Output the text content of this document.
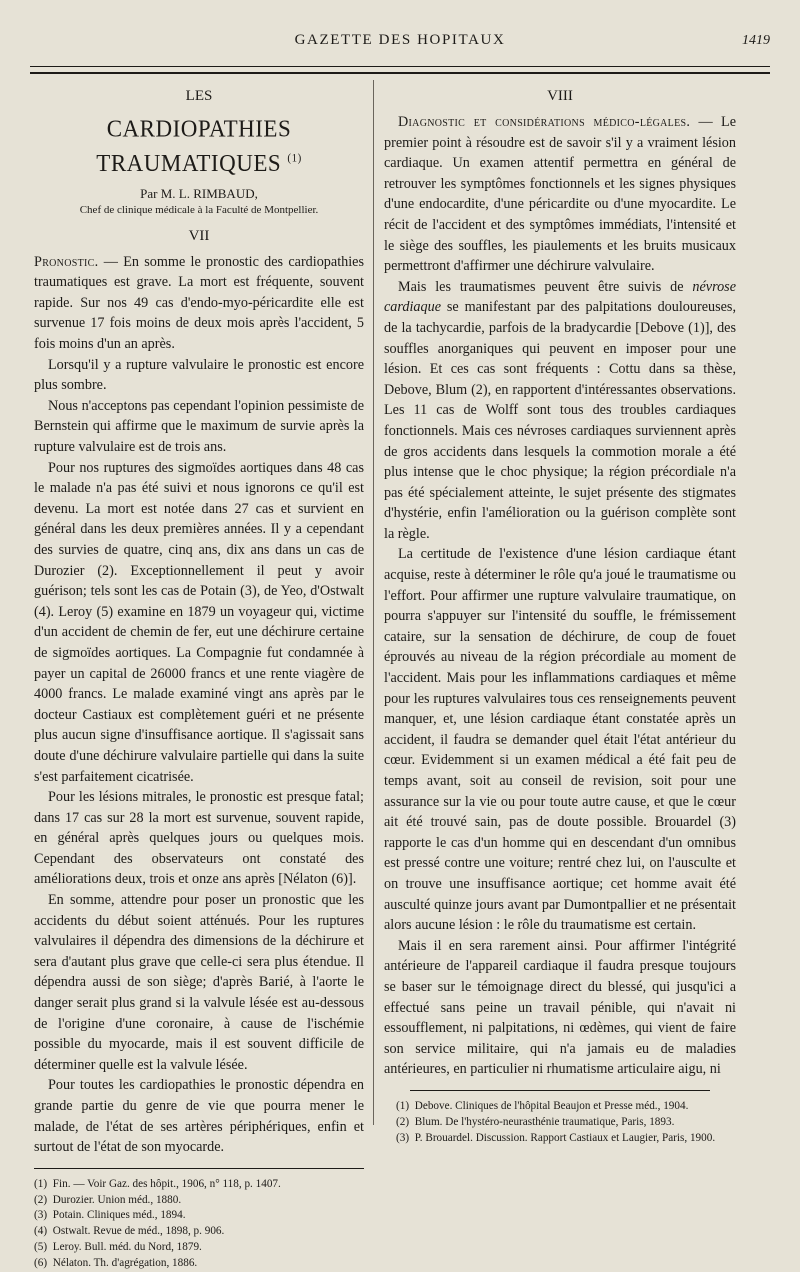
GAZETTE DES HOPITAUX	1419
LES
CARDIOPATHIES TRAUMATIQUES $^{(1)}$

Par M. L. RIMBAUD,

Chef de clinique médicale à la Faculté de Montpellier.

VII

Pronostic. — En somme le pronostic des cardiopathies traumatiques est grave. La mort est fréquente, souvent rapide. Sur nos 49 cas d'endo-myo-péricardite elle est survenue 17 fois moins de deux mois après l'accident, 5 fois moins d'un an après.

Lorsqu'il y a rupture valvulaire le pronostic est encore plus sombre.

Nous n'acceptons pas cependant l'opinion pessimiste de Bernstein qui affirme que le maximum de survie après la rupture valvulaire est de trois ans.

Pour nos ruptures des sigmoïdes aortiques dans 48 cas le malade n'a pas été suivi et nous ignorons ce qu'il est devenu. La mort est notée dans 27 cas et survient en général dans les deux premières années. Il y a cependant des survies de quatre, cinq ans, dix ans dans un cas de Durozier (2). Exceptionnellement il peut y avoir guérison; tels sont les cas de Potain (3), de Yeo, d'Ostwalt (4). Leroy (5) examine en 1879 un voyageur qui, victime d'un accident de chemin de fer, eut une déchirure certaine de sigmoïdes aortiques. La Compagnie fut condamnée à payer un capital de 26000 francs et une rente viagère de 4000 francs. Le malade examiné vingt ans après par le docteur Castiaux est complètement guéri et ne présente plus aucun signe d'insuffisance aortique. Il s'agissait sans doute d'une déchirure valvulaire partielle qui dans la suite s'est parfaitement cicatrisée.

Pour les lésions mitrales, le pronostic est presque fatal; dans 17 cas sur 28 la mort est survenue, souvent rapide, en général après quelques jours ou quelques mois. Cependant des observateurs ont constaté des améliorations deux, trois et onze ans après [Nélaton (6)].

En somme, attendre pour poser un pronostic que les accidents du début soient atténués. Pour les ruptures valvulaires il dépendra des dimensions de la déchirure et sera d'autant plus grave que celle-ci sera plus étendue. Il dépendra aussi de son siège; d'après Barié, à l'aorte le danger serait plus grand si la valvule lésée est au-dessous de l'origine d'une coronaire, à cause de l'ischémie possible du myocarde, mais il est souvent difficile de déterminer quelle est la valvule lésée.

Pour toutes les cardiopathies le pronostic dépendra en grande partie du genre de vie que pourra mener le malade, de l'état de ses artères périphériques, enfin et surtout de l'état de son myocarde.

(1) Fin. — Voir Gaz. des hôpit., 1906, n° 118, p. 1407.

(2) Durozier. Union méd., 1880.

(3) Potain. Cliniques méd., 1894.

(4) Ostwalt. Revue de méd., 1898, p. 906.

(5) Leroy. Bull. méd. du Nord, 1879.

(6) Nélaton. Th. d'agrégation, 1886.

VIII

Diagnostic et considérations médico-légales. — Le premier point à résoudre est de savoir s'il y a vraiment lésion cardiaque. Un examen attentif permettra en général de retrouver les symptômes fonctionnels et les signes physiques d'une endocardite, d'une péricardite ou d'une myocardite. Le récit de l'accident et des symptômes immédiats, l'intensité et le siège des souffles, les piaulements et les bruits musicaux permettront d'affirmer une déchirure valvulaire.

Mais les traumatismes peuvent être suivis de névrose cardiaque se manifestant par des palpitations douloureuses, de la tachycardie, parfois de la bradycardie [Debove (1)], des souffles anorganiques qui peuvent en imposer pour une lésion. Et ces cas sont fréquents : Cottu dans sa thèse, Debove, Blum (2), en rapportent d'intéressantes observations. Les 11 cas de Wolff sont tous des troubles cardiaques fonctionnels. Mais ces névroses cardiaques surviennent après de gros accidents dans lesquels la commotion morale a été plus intense que le choc physique; la région précordiale n'a pas été spécialement atteinte, le sujet présente des stigmates d'hystérie, enfin l'amélioration ou la guérison complète sont la règle.

La certitude de l'existence d'une lésion cardiaque étant acquise, reste à déterminer le rôle qu'a joué le traumatisme ou l'effort. Pour affirmer une rupture valvulaire traumatique, on pourra s'appuyer sur l'intensité du souffle, le frémissement cataire, sur la sensation de déchirure, de coup de fouet éprouvés au niveau de la région précordiale au moment de l'accident. Mais pour les inflammations cardiaques et même pour les ruptures valvulaires tous ces renseignements peuvent manquer, et, une lésion cardiaque étant constatée après un accident, il faudra se demander quel était l'état antérieur du cœur. Evidemment si un examen médical a été fait peu de temps avant, soit au conseil de revision, soit pour une assurance sur la vie ou pour toute autre cause, et que le cœur ait été trouvé sain, pas de doute possible. Brouardel (3) rapporte le cas d'un homme qui en descendant d'un omnibus est pressé contre une voiture; rentré chez lui, on l'ausculte et on trouve une insuffisance aortique; cet homme avait été ausculté quinze jours avant par Dumontpallier et ne présentait alors aucune lésion : le rôle du traumatisme est certain.

Mais il en sera rarement ainsi. Pour affirmer l'intégrité antérieure de l'appareil cardiaque il faudra presque toujours se baser sur le témoignage direct du blessé, qui jusqu'ici a effectué sans peine un travail pénible, qui n'avait ni essoufflement, ni palpitations, ni œdèmes, qui vient de faire son service militaire, qui n'a jamais eu de maladies antérieures, en particulier ni rhumatisme articulaire aigu, ni

(1) Debove. Cliniques de l'hôpital Beaujon et Presse méd., 1904.

(2) Blum. De l'hystéro-neurasthénie traumatique, Paris, 1893.

(3) P. Brouardel. Discussion. Rapport Castiaux et Laugier, Paris, 1900.
